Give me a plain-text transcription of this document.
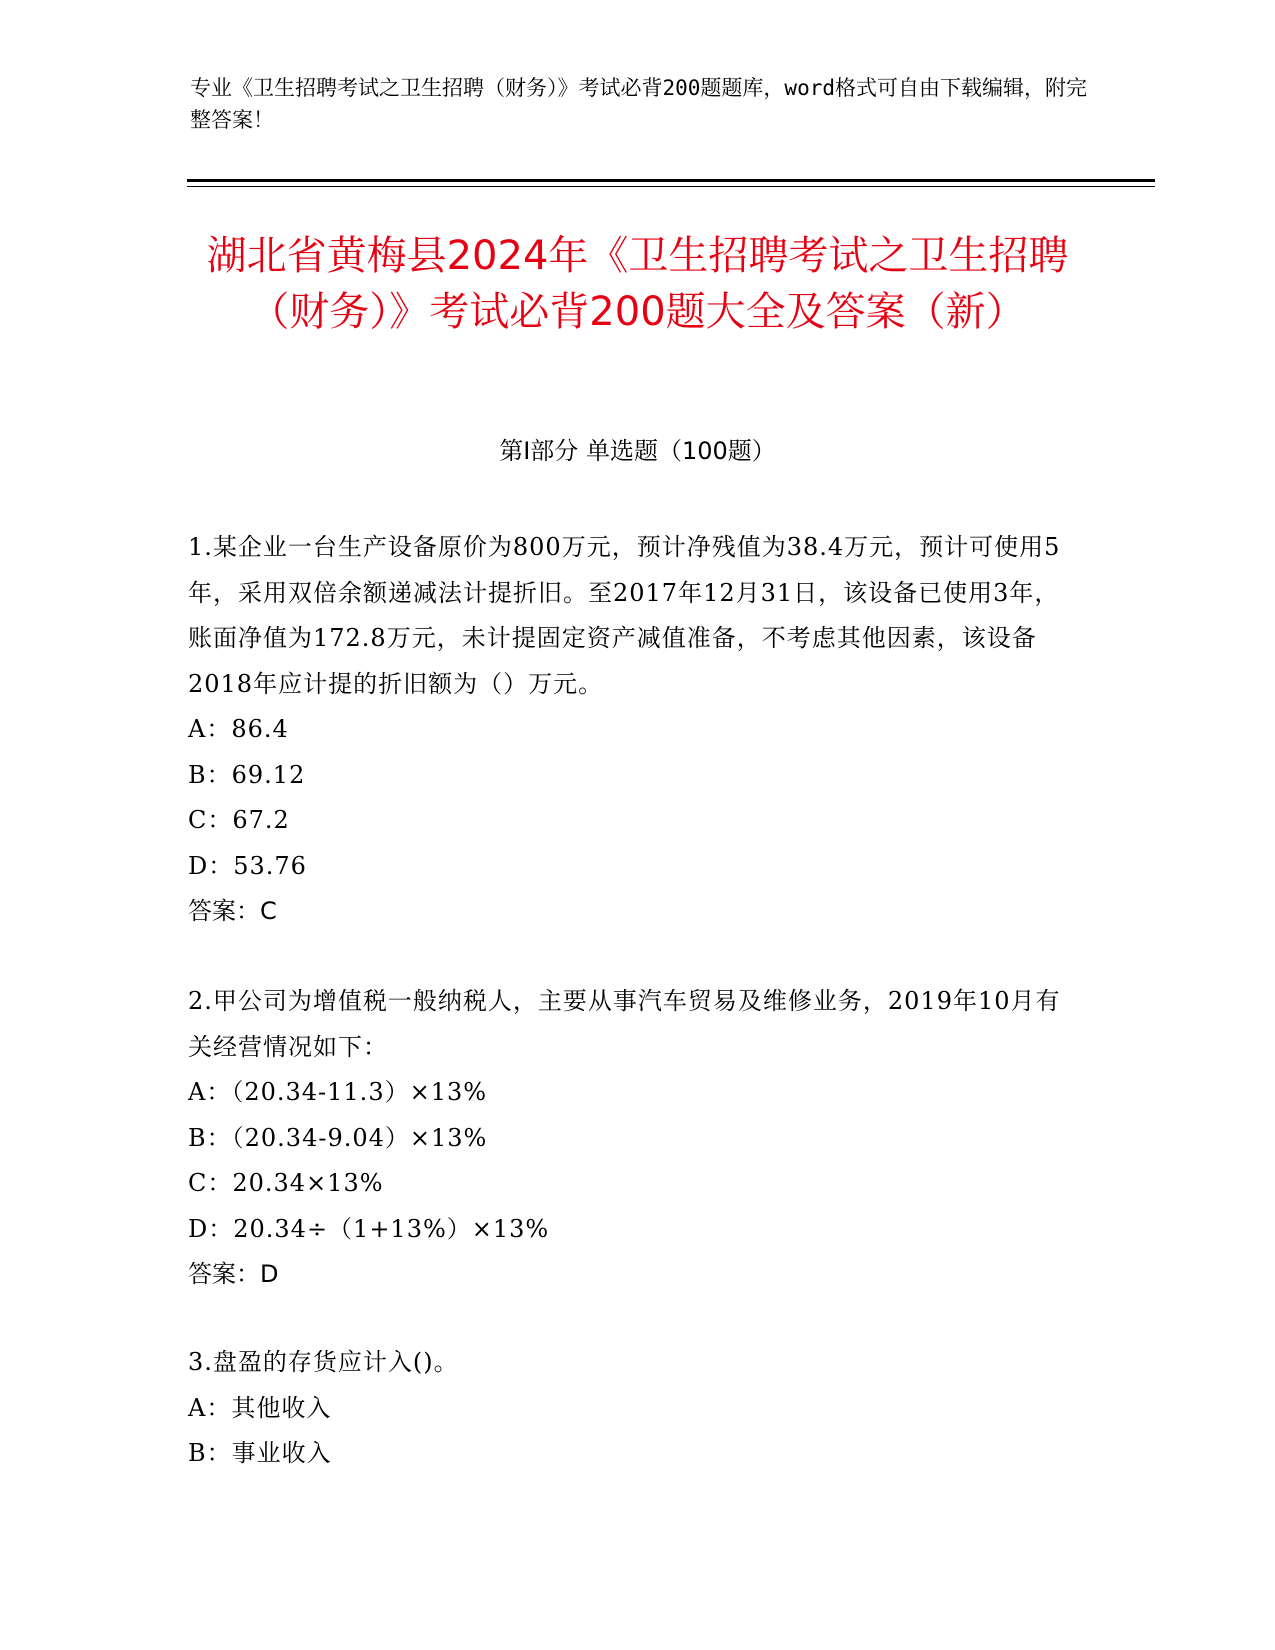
专业《卫生招聘考试之卫生招聘（财务）》考试必背200题题库，word格式可自由下载编辑，附完整答案！
湖北省黄梅县2024年《卫生招聘考试之卫生招聘（财务）》考试必背200题大全及答案（新）
第Ⅰ部分 单选题（100题）
1.某企业一台生产设备原价为800万元，预计净残值为38.4万元，预计可使用5年，采用双倍余额递减法计提折旧。至2017年12月31日，该设备已使用3年，账面净值为172.8万元，未计提固定资产减值准备，不考虑其他因素，该设备2018年应计提的折旧额为（）万元。
A：86.4
B：69.12
C：67.2
D：53.76
答案：C
2.甲公司为增值税一般纳税人，主要从事汽车贸易及维修业务，2019年10月有关经营情况如下：
A：（20.34-11.3）×13%
B：（20.34-9.04）×13%
C：20.34×13%
D：20.34÷（1+13%）×13%
答案：D
3.盘盈的存货应计入()。
A：其他收入
B：事业收入
